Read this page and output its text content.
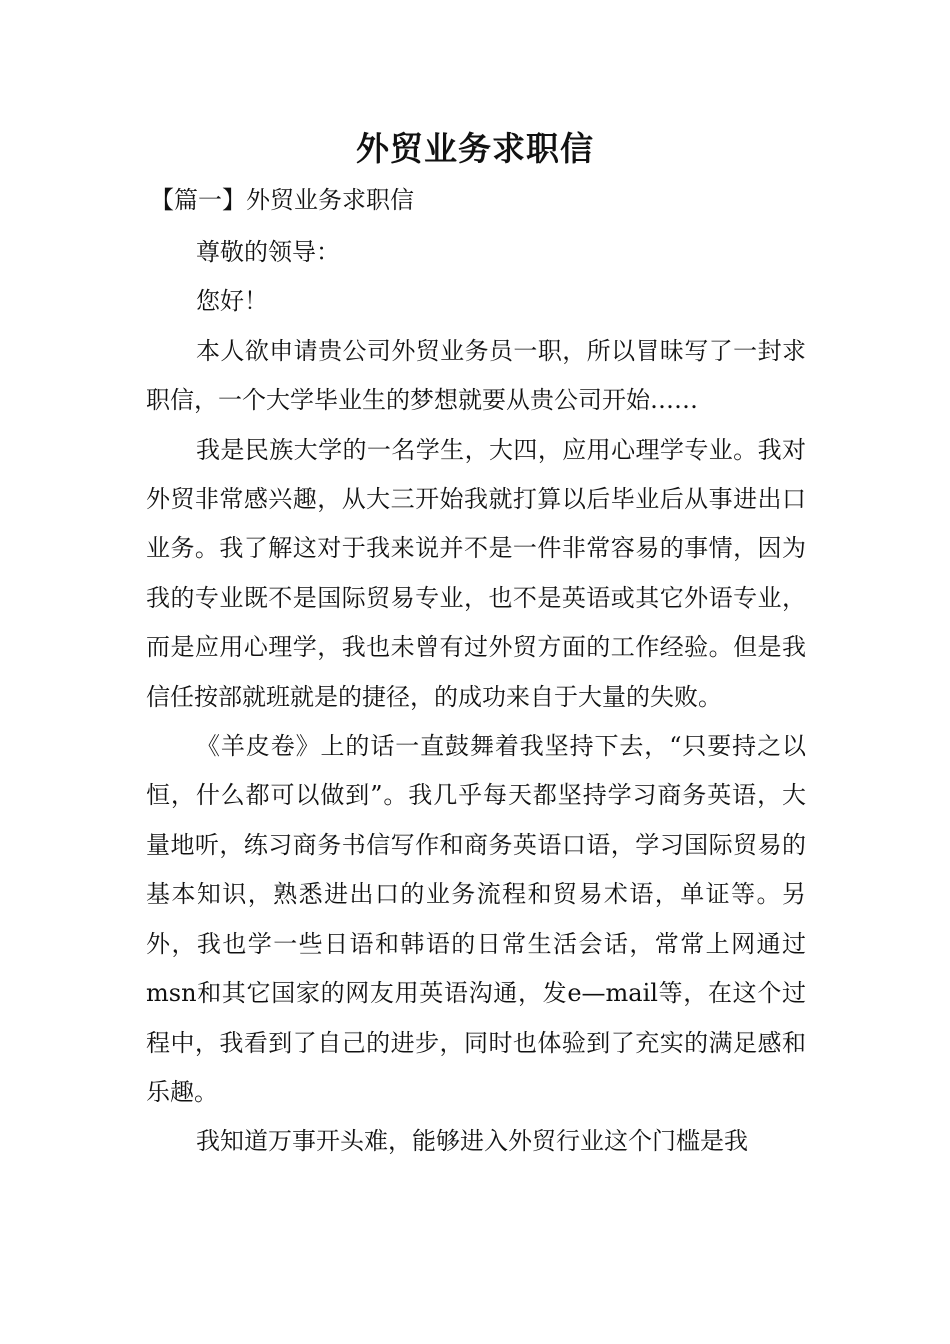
外贸业务求职信
【篇一】外贸业务求职信

尊敬的领导：

您好！

本人欲申请贵公司外贸业务员一职，所以冒昧写了一封求职信，一个大学毕业生的梦想就要从贵公司开始……

我是民族大学的一名学生，大四，应用心理学专业。我对外贸非常感兴趣，从大三开始我就打算以后毕业后从事进出口业务。我了解这对于我来说并不是一件非常容易的事情，因为我的专业既不是国际贸易专业，也不是英语或其它外语专业，而是应用心理学，我也未曾有过外贸方面的工作经验。但是我信任按部就班就是的捷径，的成功来自于大量的失败。

《羊皮卷》上的话一直鼓舞着我坚持下去，“只要持之以恒，什么都可以做到”。我几乎每天都坚持学习商务英语，大量地听，练习商务书信写作和商务英语口语，学习国际贸易的基本知识，熟悉进出口的业务流程和贸易术语，单证等。另外，我也学一些日语和韩语的日常生活会话，常常上网通过msn和其它国家的网友用英语沟通，发e—mail等，在这个过程中，我看到了自己的进步，同时也体验到了充实的满足感和乐趣。

我知道万事开头难，能够进入外贸行业这个门槛是我
